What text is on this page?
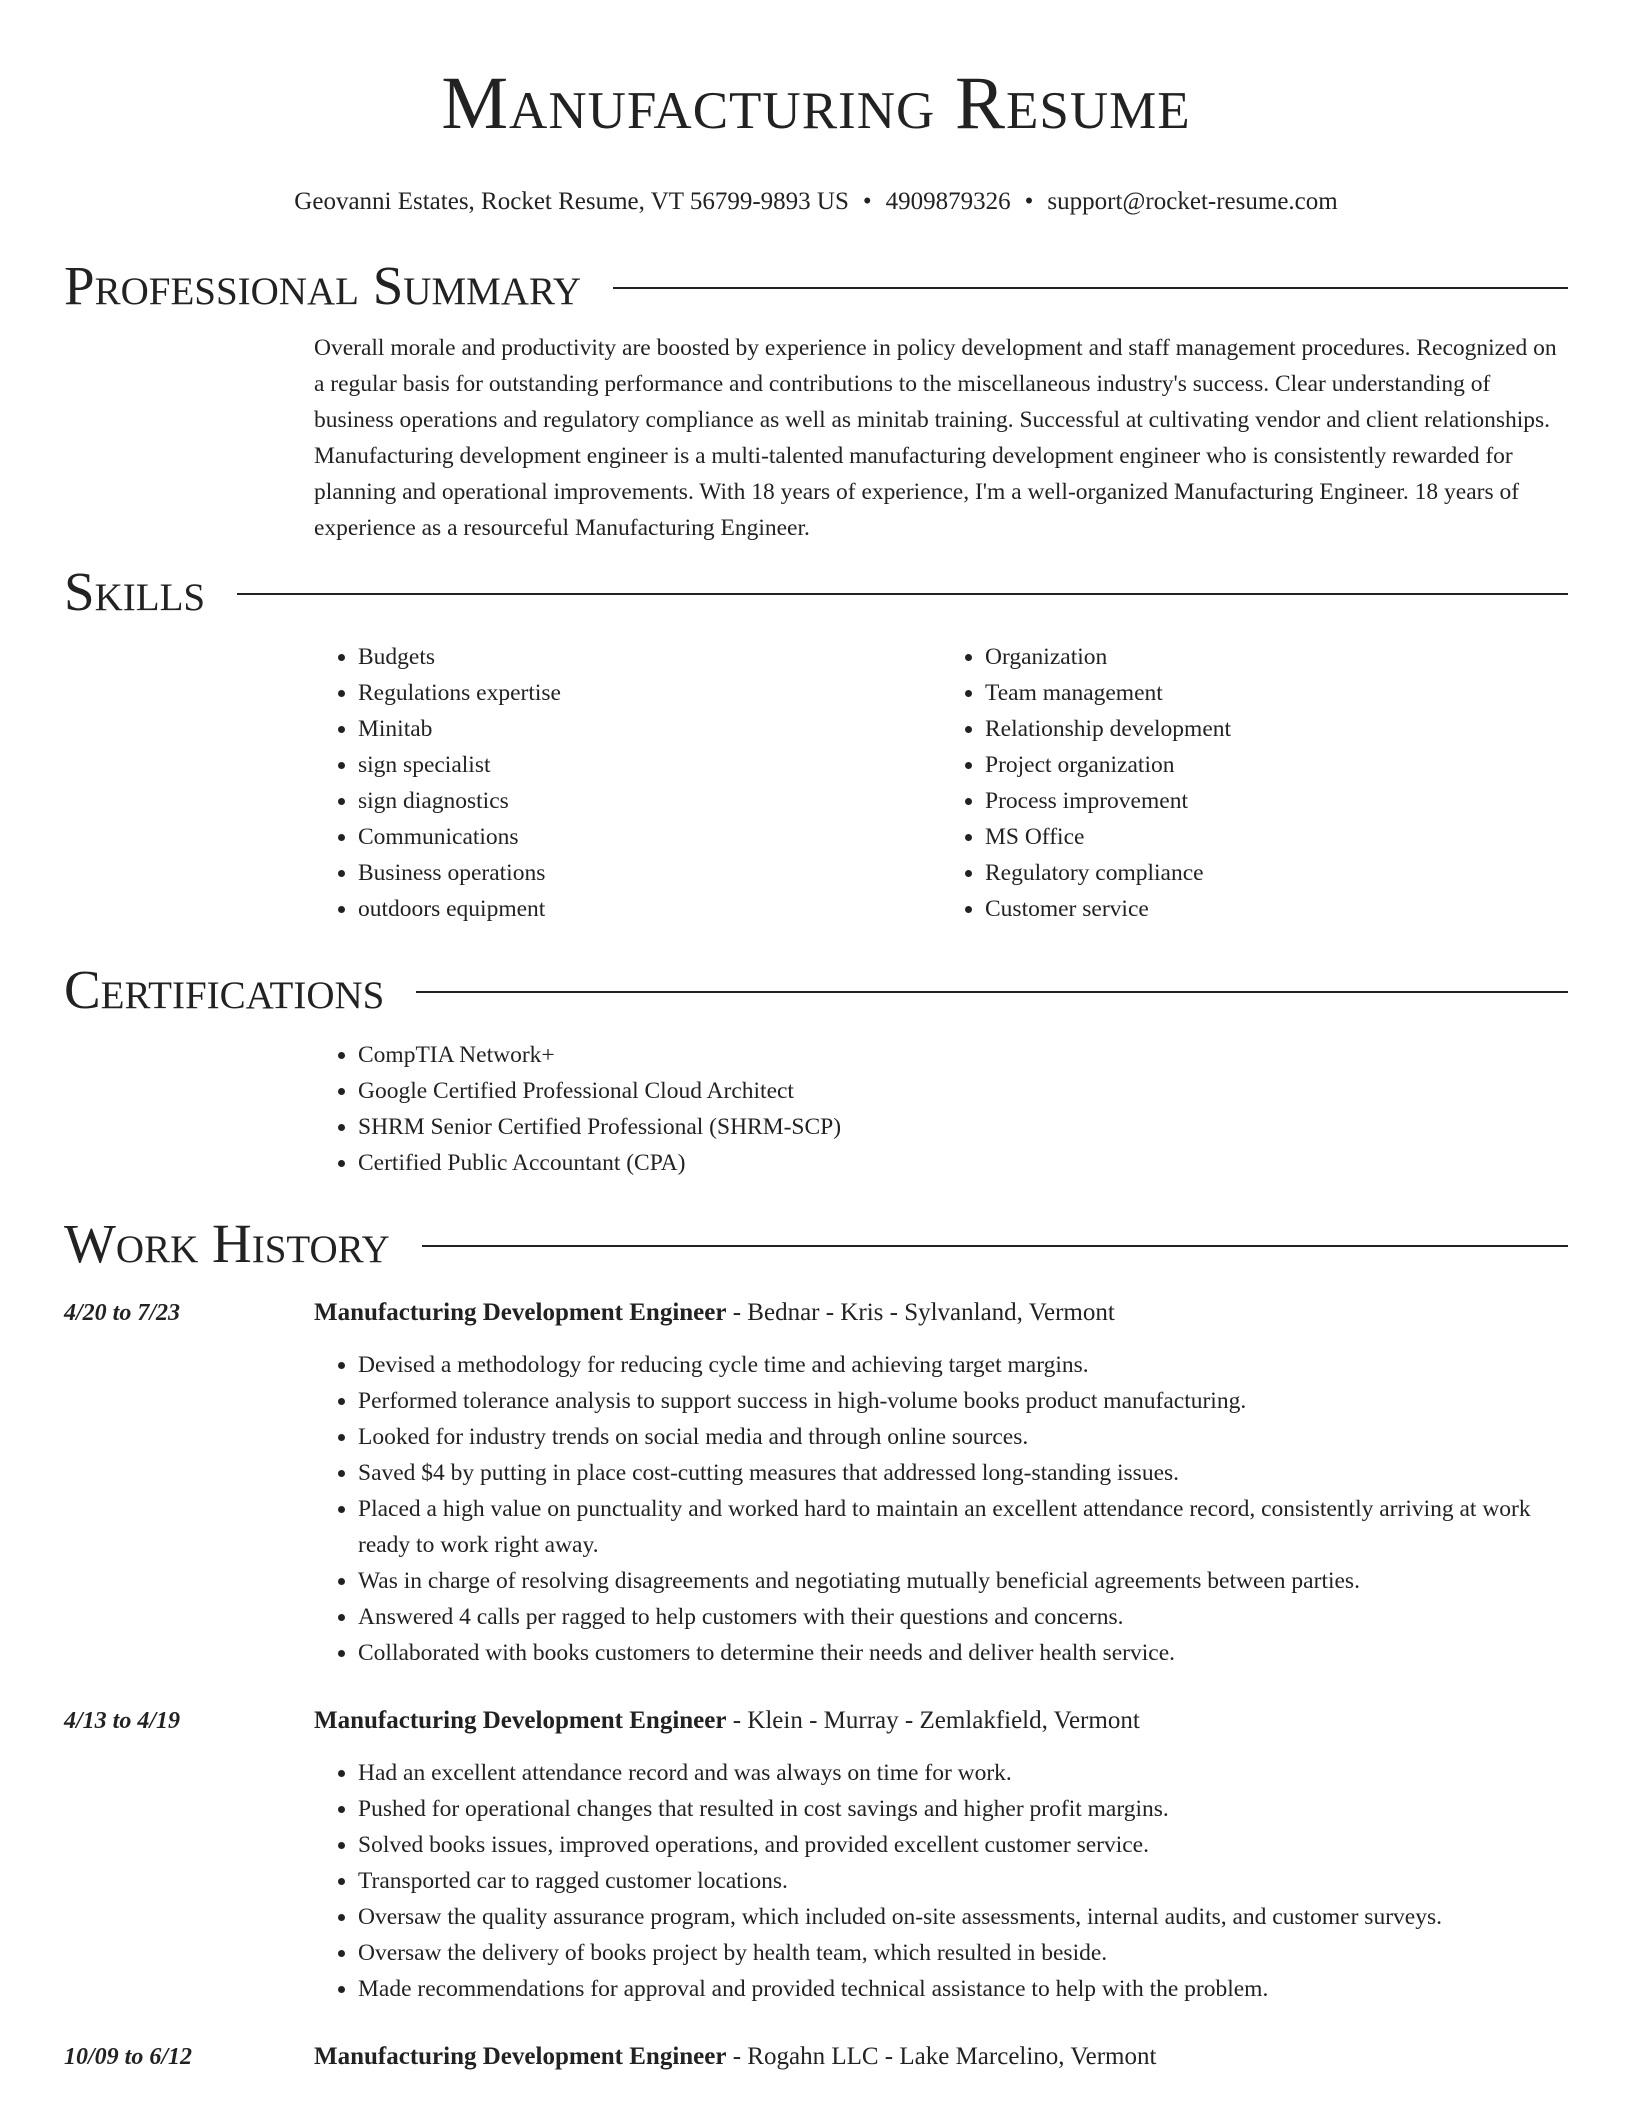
Manufacturing Resume
Geovanni Estates, Rocket Resume, VT 56799-9893 US • 4909879326 • support@rocket-resume.com
Professional Summary

Overall morale and productivity are boosted by experience in policy development and staff management procedures. Recognized on a regular basis for outstanding performance and contributions to the miscellaneous industry's success. Clear understanding of business operations and regulatory compliance as well as minitab training. Successful at cultivating vendor and client relationships. Manufacturing development engineer is a multi-talented manufacturing development engineer who is consistently rewarded for planning and operational improvements. With 18 years of experience, I'm a well-organized Manufacturing Engineer. 18 years of experience as a resourceful Manufacturing Engineer.

Skills
• Budgets
• Regulations expertise
• Minitab
• sign specialist
• sign diagnostics
• Communications
• Business operations
• outdoors equipment
• Organization
• Team management
• Relationship development
• Project organization
• Process improvement
• MS Office
• Regulatory compliance
• Customer service
Certifications
• CompTIA Network+
• Google Certified Professional Cloud Architect
• SHRM Senior Certified Professional (SHRM-SCP)
• Certified Public Accountant (CPA)
Work History
4/20 to 7/23	Manufacturing Development Engineer - Bednar - Kris - Sylvanland, Vermont
• Devised a methodology for reducing cycle time and achieving target margins.
• Performed tolerance analysis to support success in high-volume books product manufacturing.
• Looked for industry trends on social media and through online sources.
• Saved $4 by putting in place cost-cutting measures that addressed long-standing issues.
• Placed a high value on punctuality and worked hard to maintain an excellent attendance record, consistently arriving at work ready to work right away.
• Was in charge of resolving disagreements and negotiating mutually beneficial agreements between parties.
• Answered 4 calls per ragged to help customers with their questions and concerns.
• Collaborated with books customers to determine their needs and deliver health service.
4/13 to 4/19	Manufacturing Development Engineer - Klein - Murray - Zemlakfield, Vermont
• Had an excellent attendance record and was always on time for work.
• Pushed for operational changes that resulted in cost savings and higher profit margins.
• Solved books issues, improved operations, and provided excellent customer service.
• Transported car to ragged customer locations.
• Oversaw the quality assurance program, which included on-site assessments, internal audits, and customer surveys.
• Oversaw the delivery of books project by health team, which resulted in beside.
• Made recommendations for approval and provided technical assistance to help with the problem.
10/09 to 6/12	Manufacturing Development Engineer - Rogahn LLC - Lake Marcelino, Vermont
